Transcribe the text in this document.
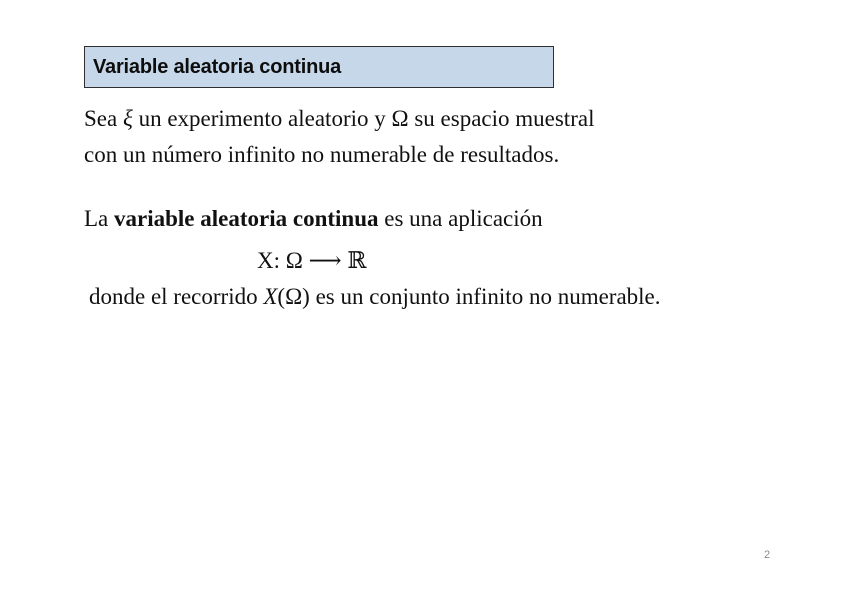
Variable aleatoria continua
Sea ξ un experimento aleatorio y Ω su espacio muestral
con un número infinito no numerable de resultados.
La variable aleatoria continua es una aplicación
X: Ω ⟶ ℝ
donde el recorrido X(Ω) es un conjunto infinito no numerable.
2
